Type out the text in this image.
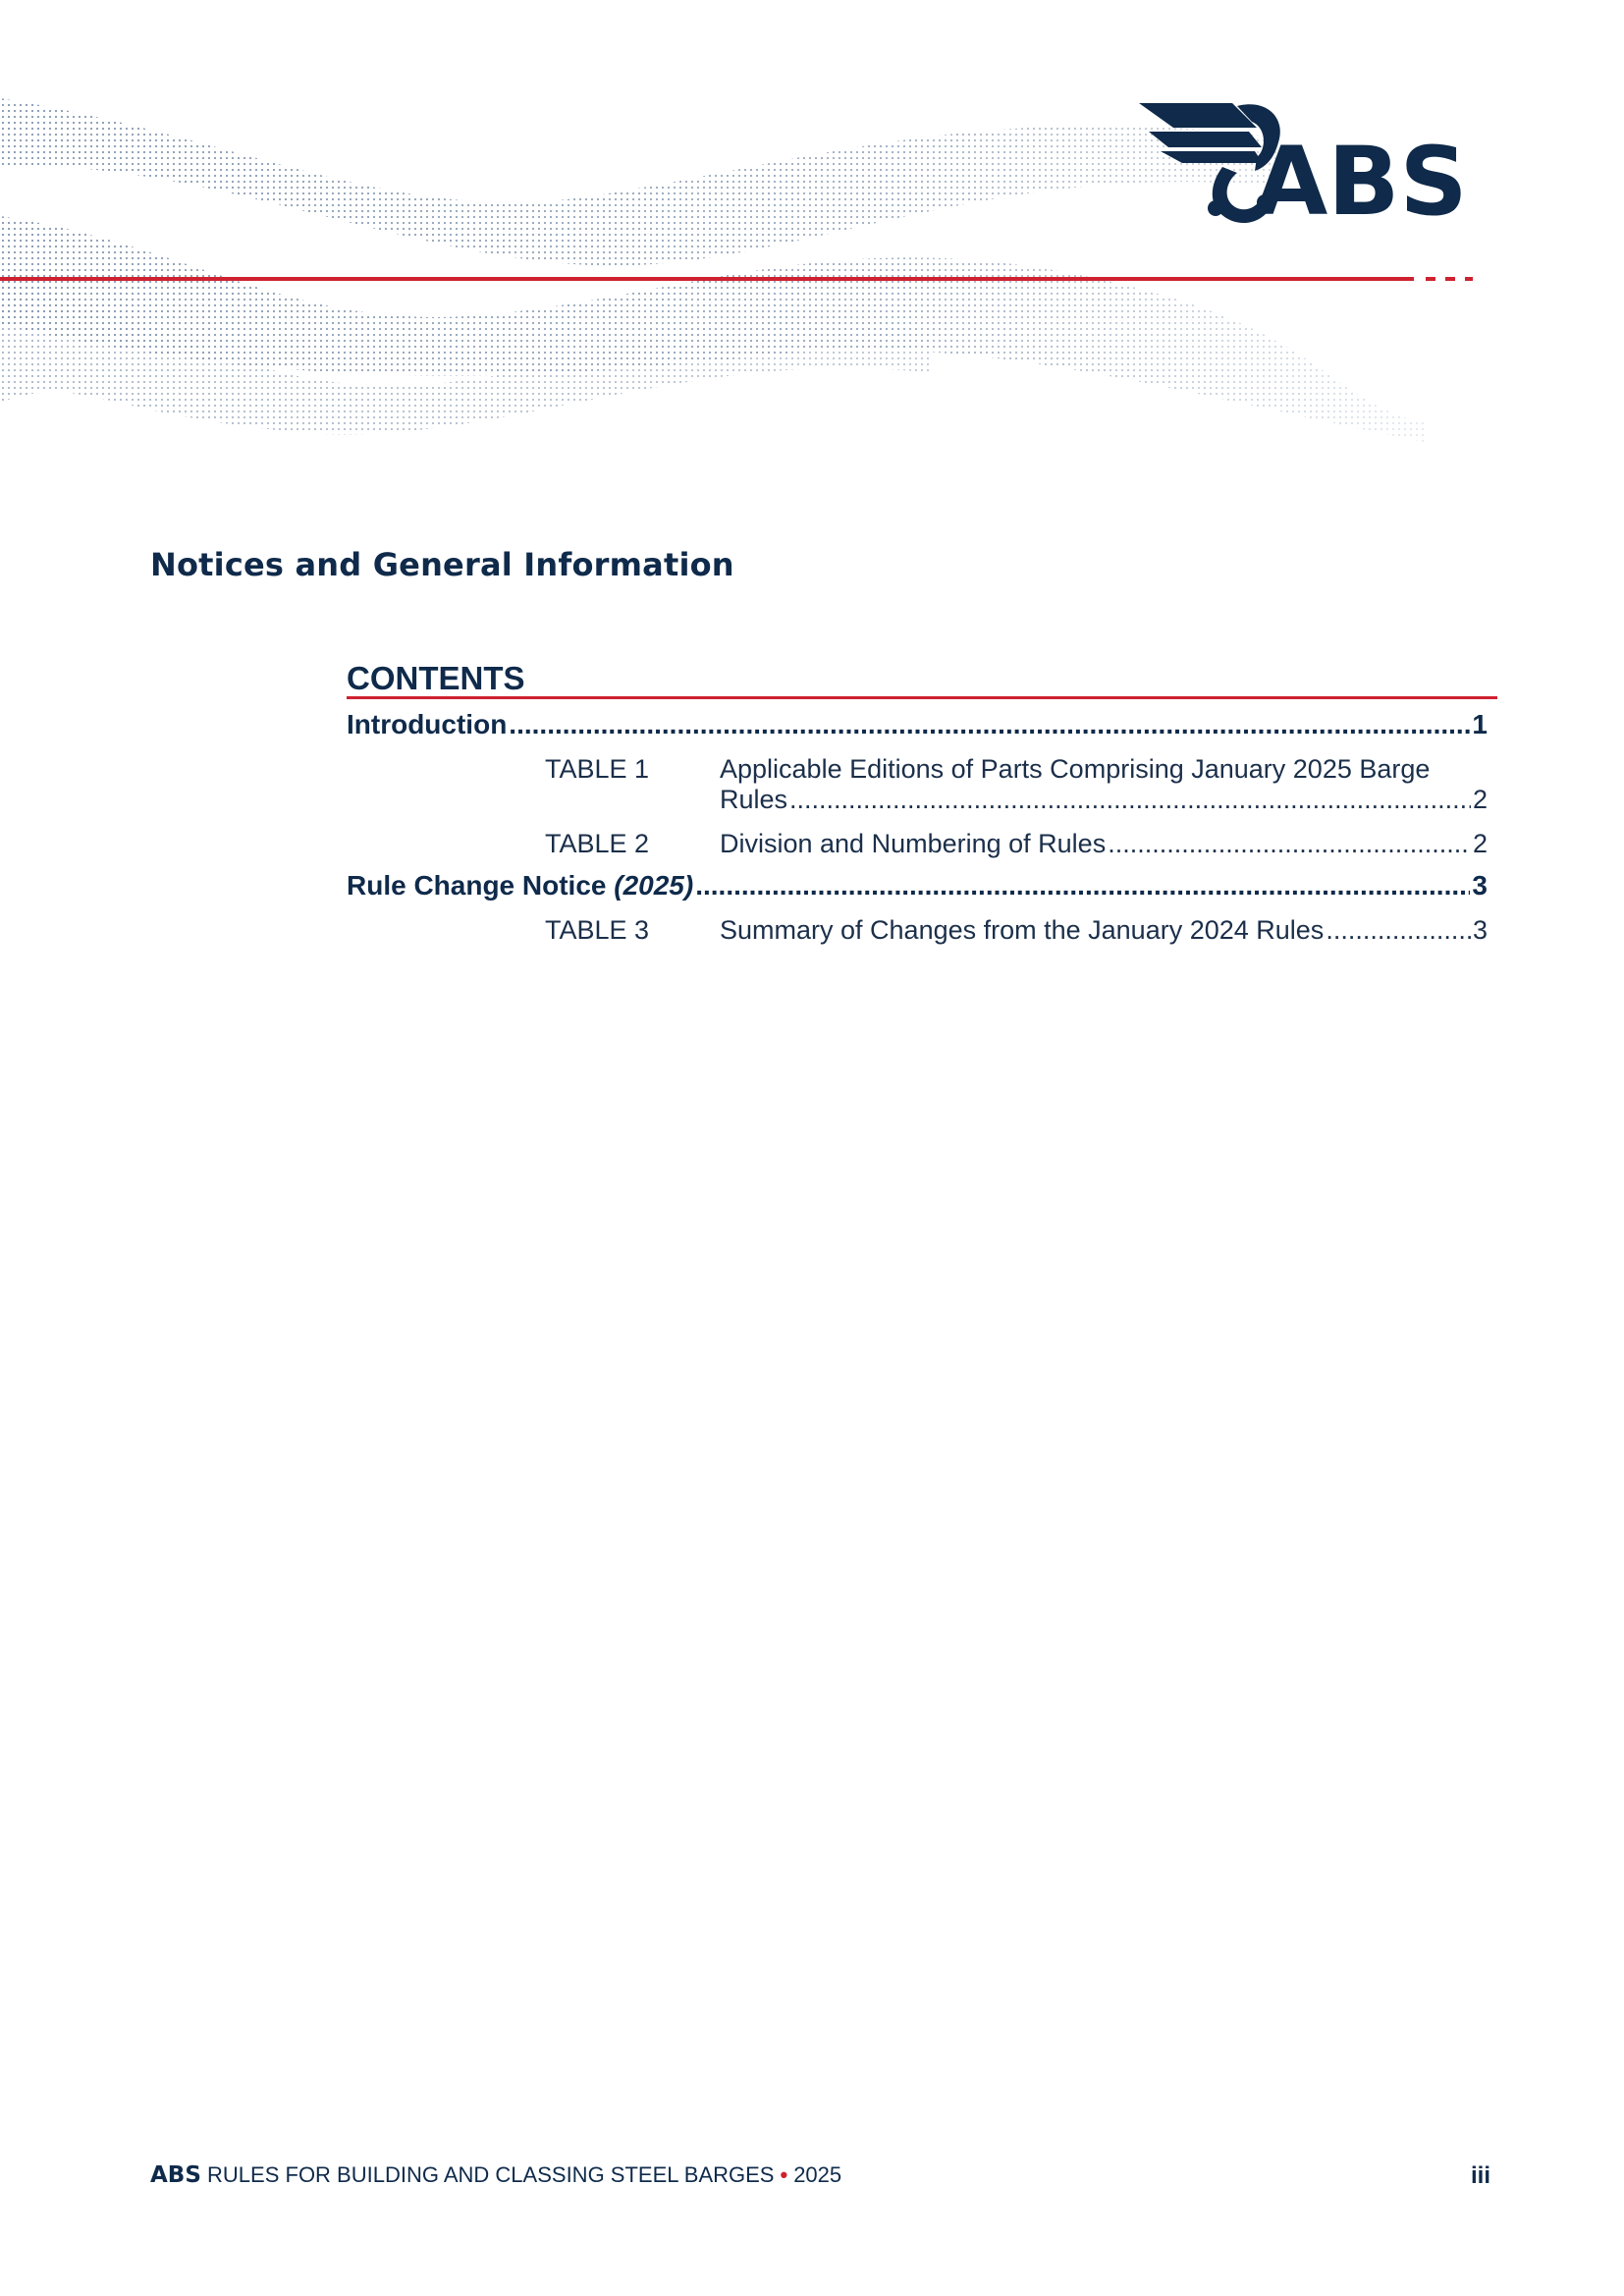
ABS
Notices and General Information
CONTENTS
Introduction .....	1
TABLE 1	Applicable Editions of Parts Comprising January 2025 Barge
Rules .....	2
TABLE 2	Division and Numbering of Rules .....	2
Rule Change Notice (2025) .....	3
TABLE 3	Summary of Changes from the January 2024 Rules .....	3
ABS RULES FOR BUILDING AND CLASSING STEEL BARGES • 2025	iii
